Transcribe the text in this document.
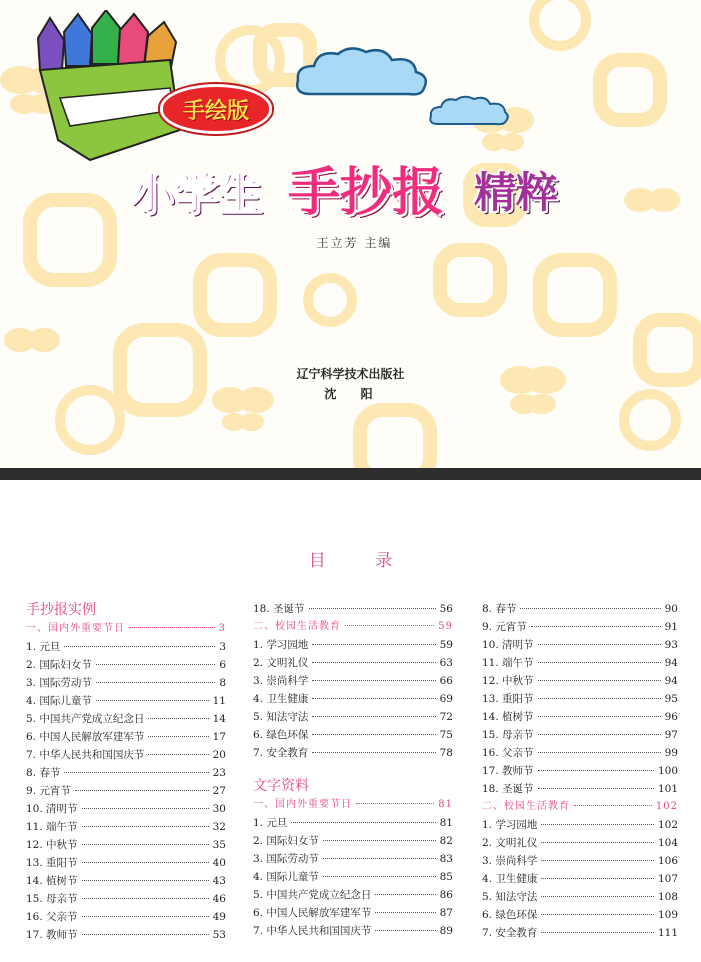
手绘版
小学生 手抄报 精粹
王立芳 主编
辽宁科学技术出版社
沈 阳
目 录
手抄报实例
一、国内外重要节日	3
1. 元旦	3
2. 国际妇女节	6
3. 国际劳动节	8
4. 国际儿童节	11
5. 中国共产党成立纪念日	14
6. 中国人民解放军建军节	17
7. 中华人民共和国国庆节	20
8. 春节	23
9. 元宵节	27
10. 清明节	30
11. 端午节	32
12. 中秋节	35
13. 重阳节	40
14. 植树节	43
15. 母亲节	46
16. 父亲节	49
17. 教师节	53
18. 圣诞节	56
二、校园生活教育	59
1. 学习园地	59
2. 文明礼仪	63
3. 崇尚科学	66
4. 卫生健康	69
5. 知法守法	72
6. 绿色环保	75
7. 安全教育	78
文字资料
一、国内外重要节日	81
1. 元旦	81
2. 国际妇女节	82
3. 国际劳动节	83
4. 国际儿童节	85
5. 中国共产党成立纪念日	86
6. 中国人民解放军建军节	87
7. 中华人民共和国国庆节	89
8. 春节	90
9. 元宵节	91
10. 清明节	93
11. 端午节	94
12. 中秋节	94
13. 重阳节	95
14. 植树节	96
15. 母亲节	97
16. 父亲节	99
17. 教师节	100
18. 圣诞节	101
二、校园生活教育	102
1. 学习园地	102
2. 文明礼仪	104
3. 崇尚科学	106
4. 卫生健康	107
5. 知法守法	108
6. 绿色环保	109
7. 安全教育	111
